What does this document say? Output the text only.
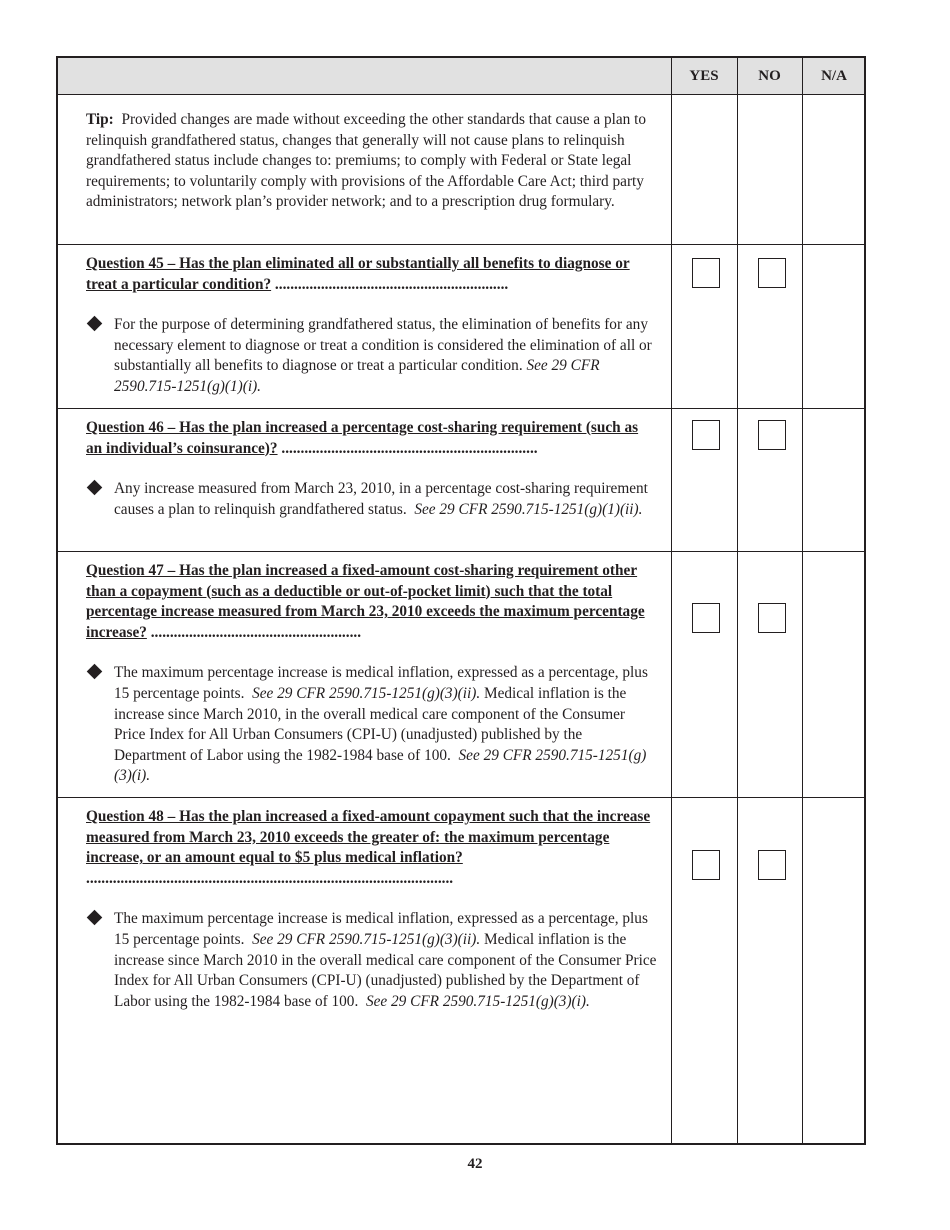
YES	NO	N/A
Tip: Provided changes are made without exceeding the other standards that cause a plan to relinquish grandfathered status, changes that generally will not cause plans to relinquish grandfathered status include changes to: premiums; to comply with Federal or State legal requirements; to voluntarily comply with provisions of the Affordable Care Act; third party administrators; network plan’s provider network; and to a prescription drug formulary.
Question 45 – Has the plan eliminated all or substantially all benefits to diagnose or treat a particular condition? .............................................................
For the purpose of determining grandfathered status, the elimination of benefits for any necessary element to diagnose or treat a condition is considered the elimination of all or substantially all benefits to diagnose or treat a particular condition. See 29 CFR 2590.715-1251(g)(1)(i).
Question 46 – Has the plan increased a percentage cost-sharing requirement (such as an individual’s coinsurance)? ...................................................................
Any increase measured from March 23, 2010, in a percentage cost-sharing requirement causes a plan to relinquish grandfathered status. See 29 CFR 2590.715-1251(g)(1)(ii).
Question 47 – Has the plan increased a fixed-amount cost-sharing requirement other than a copayment (such as a deductible or out-of-pocket limit) such that the total percentage increase measured from March 23, 2010 exceeds the maximum percentage increase? .......................................................
The maximum percentage increase is medical inflation, expressed as a percentage, plus 15 percentage points. See 29 CFR 2590.715-1251(g)(3)(ii). Medical inflation is the increase since March 2010, in the overall medical care component of the Consumer Price Index for All Urban Consumers (CPI-U) (unadjusted) published by the Department of Labor using the 1982-1984 base of 100. See 29 CFR 2590.715-1251(g)(3)(i).
Question 48 – Has the plan increased a fixed-amount copayment such that the increase measured from March 23, 2010 exceeds the greater of: the maximum percentage increase, or an amount equal to $5 plus medical inflation? ................................................................................................
The maximum percentage increase is medical inflation, expressed as a percentage, plus 15 percentage points. See 29 CFR 2590.715-1251(g)(3)(ii). Medical inflation is the increase since March 2010 in the overall medical care component of the Consumer Price Index for All Urban Consumers (CPI-U) (unadjusted) published by the Department of Labor using the 1982-1984 base of 100. See 29 CFR 2590.715-1251(g)(3)(i).
42
